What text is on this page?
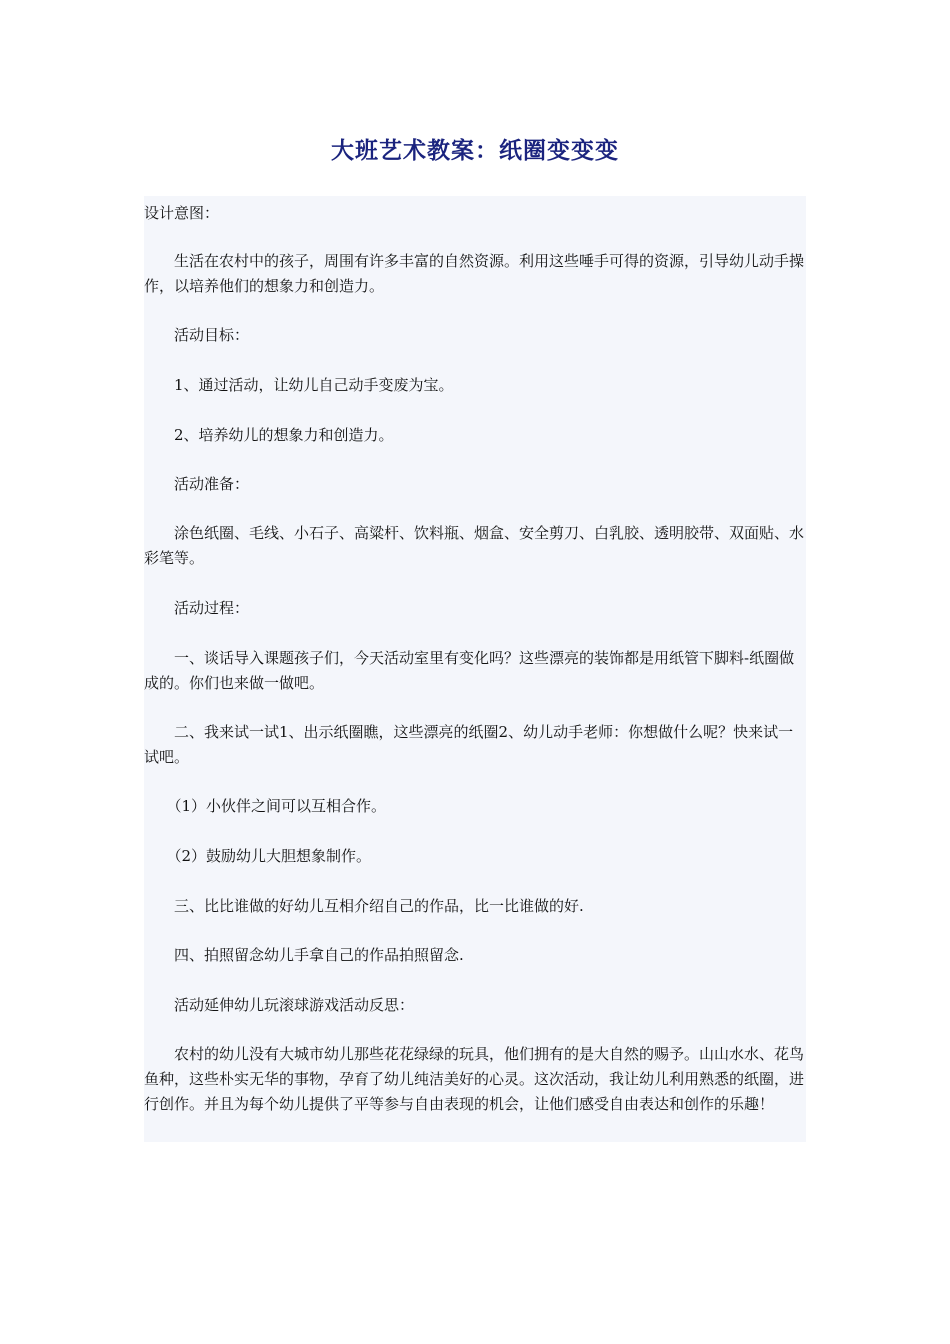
大班艺术教案：纸圈变变变

设计意图：

　　生活在农村中的孩子，周围有许多丰富的自然资源。利用这些唾手可得的资源，引导幼儿动手操作，以培养他们的想象力和创造力。

　　活动目标：

　　1、通过活动，让幼儿自己动手变废为宝。

　　2、培养幼儿的想象力和创造力。

　　活动准备：

　　涂色纸圈、毛线、小石子、高粱杆、饮料瓶、烟盒、安全剪刀、白乳胶、透明胶带、双面贴、水彩笔等。

　　活动过程：

　　一、谈话导入课题孩子们，今天活动室里有变化吗？这些漂亮的装饰都是用纸管下脚料-纸圈做成的。你们也来做一做吧。

　　二、我来试一试1、出示纸圈瞧，这些漂亮的纸圈2、幼儿动手老师：你想做什么呢？快来试一试吧。

　　（1）小伙伴之间可以互相合作。

　　（2）鼓励幼儿大胆想象制作。

　　三、比比谁做的好幼儿互相介绍自己的作品，比一比谁做的好.

　　四、拍照留念幼儿手拿自己的作品拍照留念.

　　活动延伸幼儿玩滚球游戏活动反思：

　　农村的幼儿没有大城市幼儿那些花花绿绿的玩具，他们拥有的是大自然的赐予。山山水水、花鸟鱼种，这些朴实无华的事物，孕育了幼儿纯洁美好的心灵。这次活动，我让幼儿利用熟悉的纸圈，进行创作。并且为每个幼儿提供了平等参与自由表现的机会，让他们感受自由表达和创作的乐趣！
